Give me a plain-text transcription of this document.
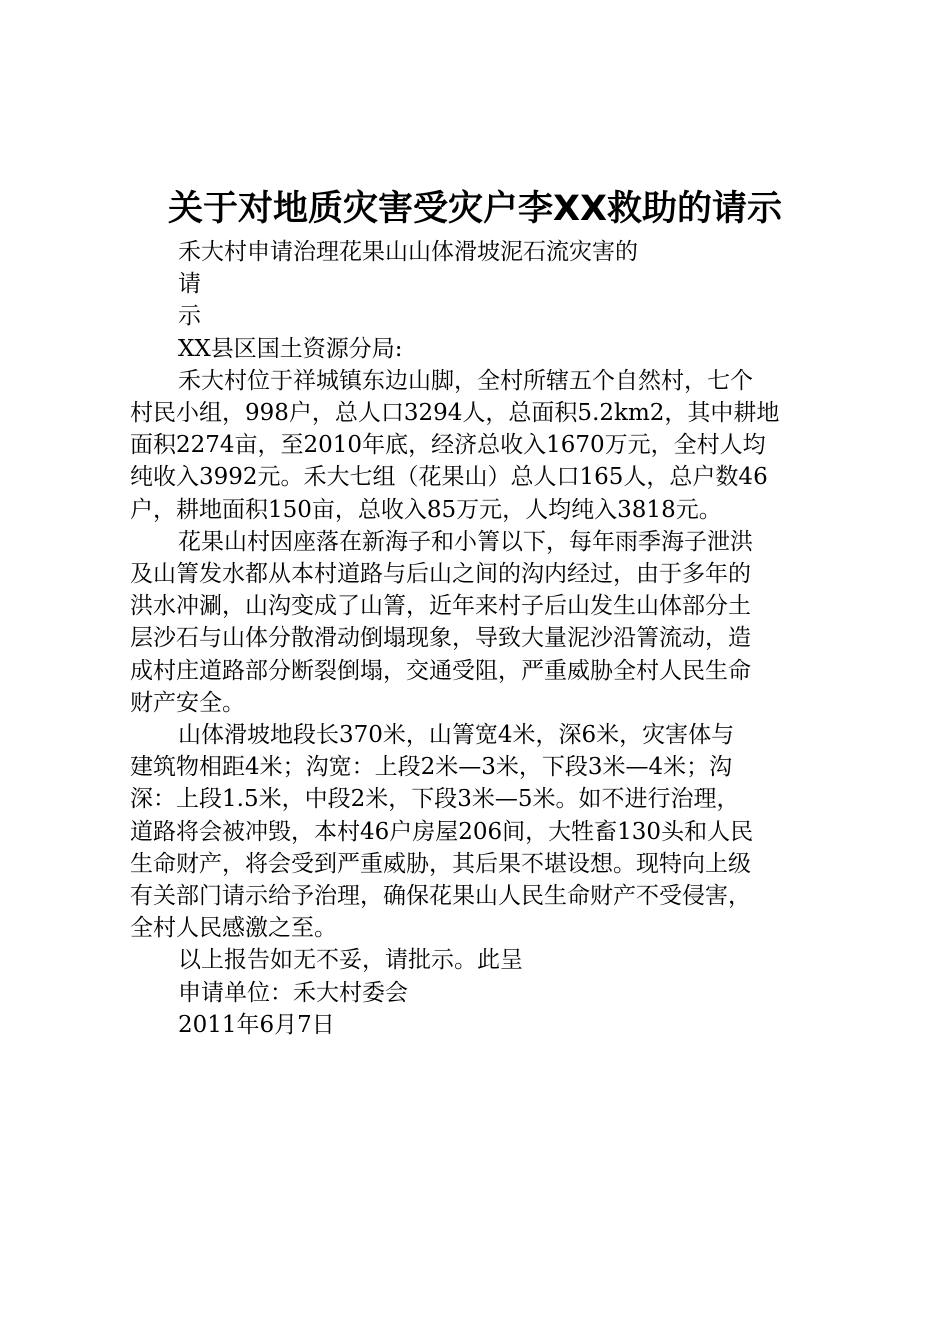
关于对地质灾害受灾户李XX救助的请示
禾大村申请治理花果山山体滑坡泥石流灾害的
请
示
XX县区国土资源分局:
禾大村位于祥城镇东边山脚，全村所辖五个自然村，七个
村民小组，998户，总人口3294人，总面积5.2km2，其中耕地
面积2274亩，至2010年底，经济总收入1670万元，全村人均
纯收入3992元。禾大七组（花果山）总人口165人，总户数46
户，耕地面积150亩，总收入85万元，人均纯入3818元。
花果山村因座落在新海子和小箐以下，每年雨季海子泄洪
及山箐发水都从本村道路与后山之间的沟内经过，由于多年的
洪水冲涮，山沟变成了山箐，近年来村子后山发生山体部分土
层沙石与山体分散滑动倒塌现象，导致大量泥沙沿箐流动，造
成村庄道路部分断裂倒塌，交通受阻，严重威胁全村人民生命
财产安全。
山体滑坡地段长370米，山箐宽4米，深6米，灾害体与
建筑物相距4米；沟宽：上段2米—3米，下段3米—4米；沟
深：上段1.5米，中段2米，下段3米—5米。如不进行治理，
道路将会被冲毁，本村46户房屋206间，大牲畜130头和人民
生命财产，将会受到严重威胁，其后果不堪设想。现特向上级
有关部门请示给予治理，确保花果山人民生命财产不受侵害，
全村人民感激之至。
以上报告如无不妥，请批示。此呈
申请单位：禾大村委会
2011年6月7日
